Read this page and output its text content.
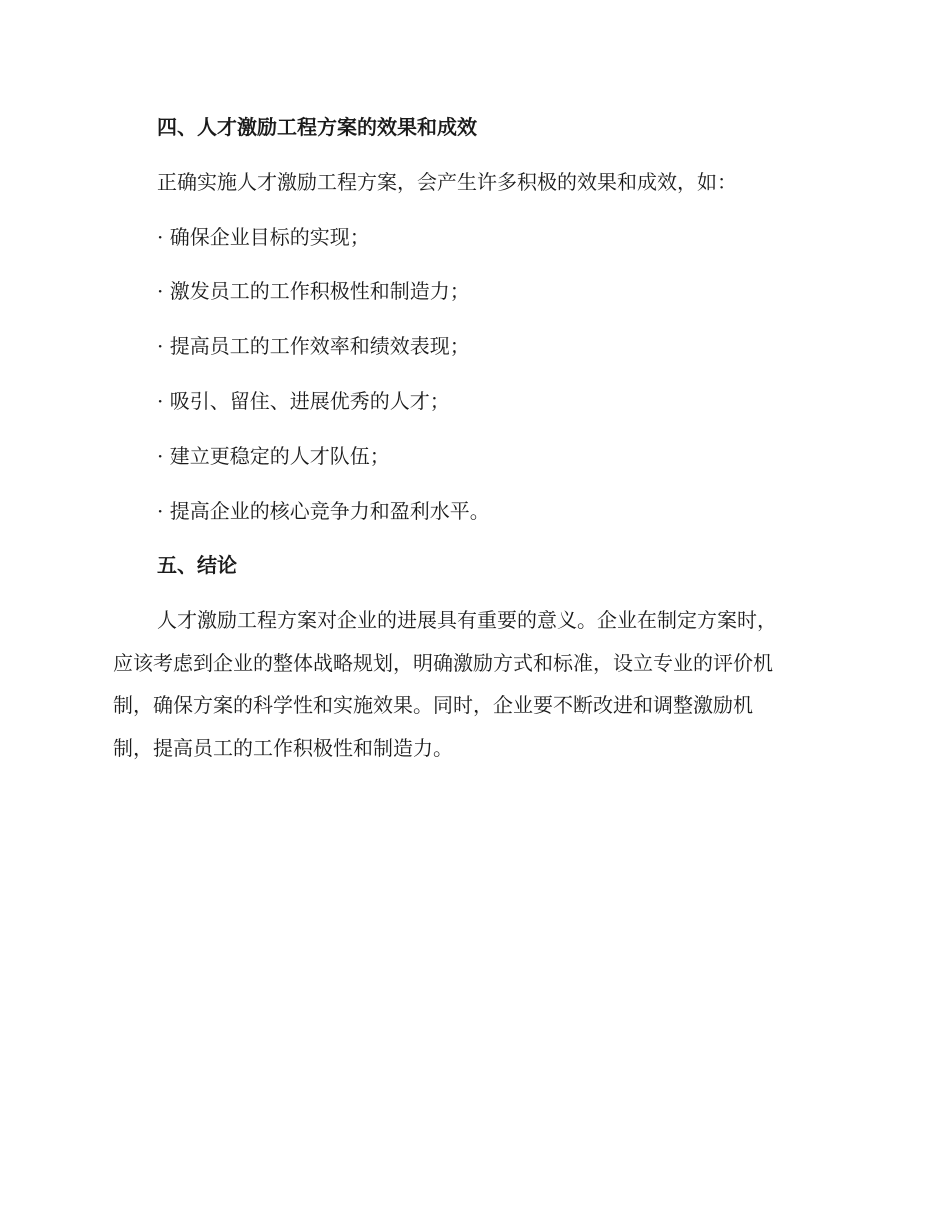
四、人才激励工程方案的效果和成效
正确实施人才激励工程方案，会产生许多积极的效果和成效，如：
· 确保企业目标的实现；
· 激发员工的工作积极性和制造力；
· 提高员工的工作效率和绩效表现；
· 吸引、留住、进展优秀的人才；
· 建立更稳定的人才队伍；
· 提高企业的核心竞争力和盈利水平。
五、结论
人才激励工程方案对企业的进展具有重要的意义。企业在制定方案时，
应该考虑到企业的整体战略规划，明确激励方式和标准，设立专业的评价机
制，确保方案的科学性和实施效果。同时，企业要不断改进和调整激励机
制，提高员工的工作积极性和制造力。
